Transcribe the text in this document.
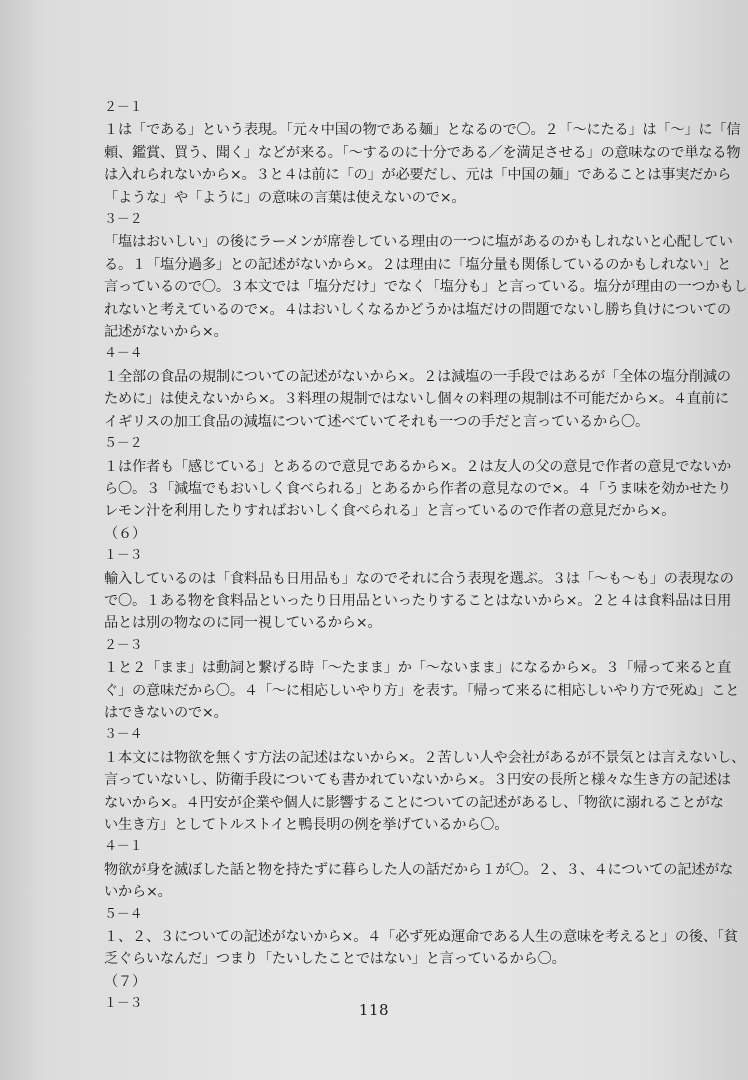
２－１
１は「である」という表現。「元々中国の物である麺」となるので〇。２「～にたる」は「～」に「信
頼、鑑賞、買う、聞く」などが来る。「～するのに十分である／を満足させる」の意味なので単なる物
は入れられないから×。３と４は前に「の」が必要だし、元は「中国の麺」であることは事実だから
「ような」や「ように」の意味の言葉は使えないので×。
３－２
「塩はおいしい」の後にラーメンが席巻している理由の一つに塩があるのかもしれないと心配してい
る。１「塩分過多」との記述がないから×。２は理由に「塩分量も関係しているのかもしれない」と
言っているので〇。３本文では「塩分だけ」でなく「塩分も」と言っている。塩分が理由の一つかもし
れないと考えているので×。４はおいしくなるかどうかは塩だけの問題でないし勝ち負けについての
記述がないから×。
４－４
１全部の食品の規制についての記述がないから×。２は減塩の一手段ではあるが「全体の塩分削減の
ために」は使えないから×。３料理の規制ではないし個々の料理の規制は不可能だから×。４直前に
イギリスの加工食品の減塩について述べていてそれも一つの手だと言っているから〇。
５－２
１は作者も「感じている」とあるので意見であるから×。２は友人の父の意見で作者の意見でないか
ら〇。３「減塩でもおいしく食べられる」とあるから作者の意見なので×。４「うま味を効かせたり
レモン汁を利用したりすればおいしく食べられる」と言っているので作者の意見だから×。
（６）
１－３
輸入しているのは「食料品も日用品も」なのでそれに合う表現を選ぶ。３は「～も～も」の表現なの
で〇。１ある物を食料品といったり日用品といったりすることはないから×。２と４は食料品は日用
品とは別の物なのに同一視しているから×。
２－３
１と２「まま」は動詞と繋げる時「～たまま」か「～ないまま」になるから×。３「帰って来ると直
ぐ」の意味だから〇。４「～に相応しいやり方」を表す。「帰って来るに相応しいやり方で死ぬ」こと
はできないので×。
３－４
１本文には物欲を無くす方法の記述はないから×。２苦しい人や会社があるが不景気とは言えないし、
言っていないし、防衛手段についても書かれていないから×。３円安の長所と様々な生き方の記述は
ないから×。４円安が企業や個人に影響することについての記述があるし、「物欲に溺れることがな
い生き方」としてトルストイと鴨長明の例を挙げているから〇。
４－１
物欲が身を滅ぼした話と物を持たずに暮らした人の話だから１が〇。２、３、４についての記述がな
いから×。
５－４
１、２、３についての記述がないから×。４「必ず死ぬ運命である人生の意味を考えると」の後、「貧
乏ぐらいなんだ」つまり「たいしたことではない」と言っているから〇。
（７）
１－３	118
